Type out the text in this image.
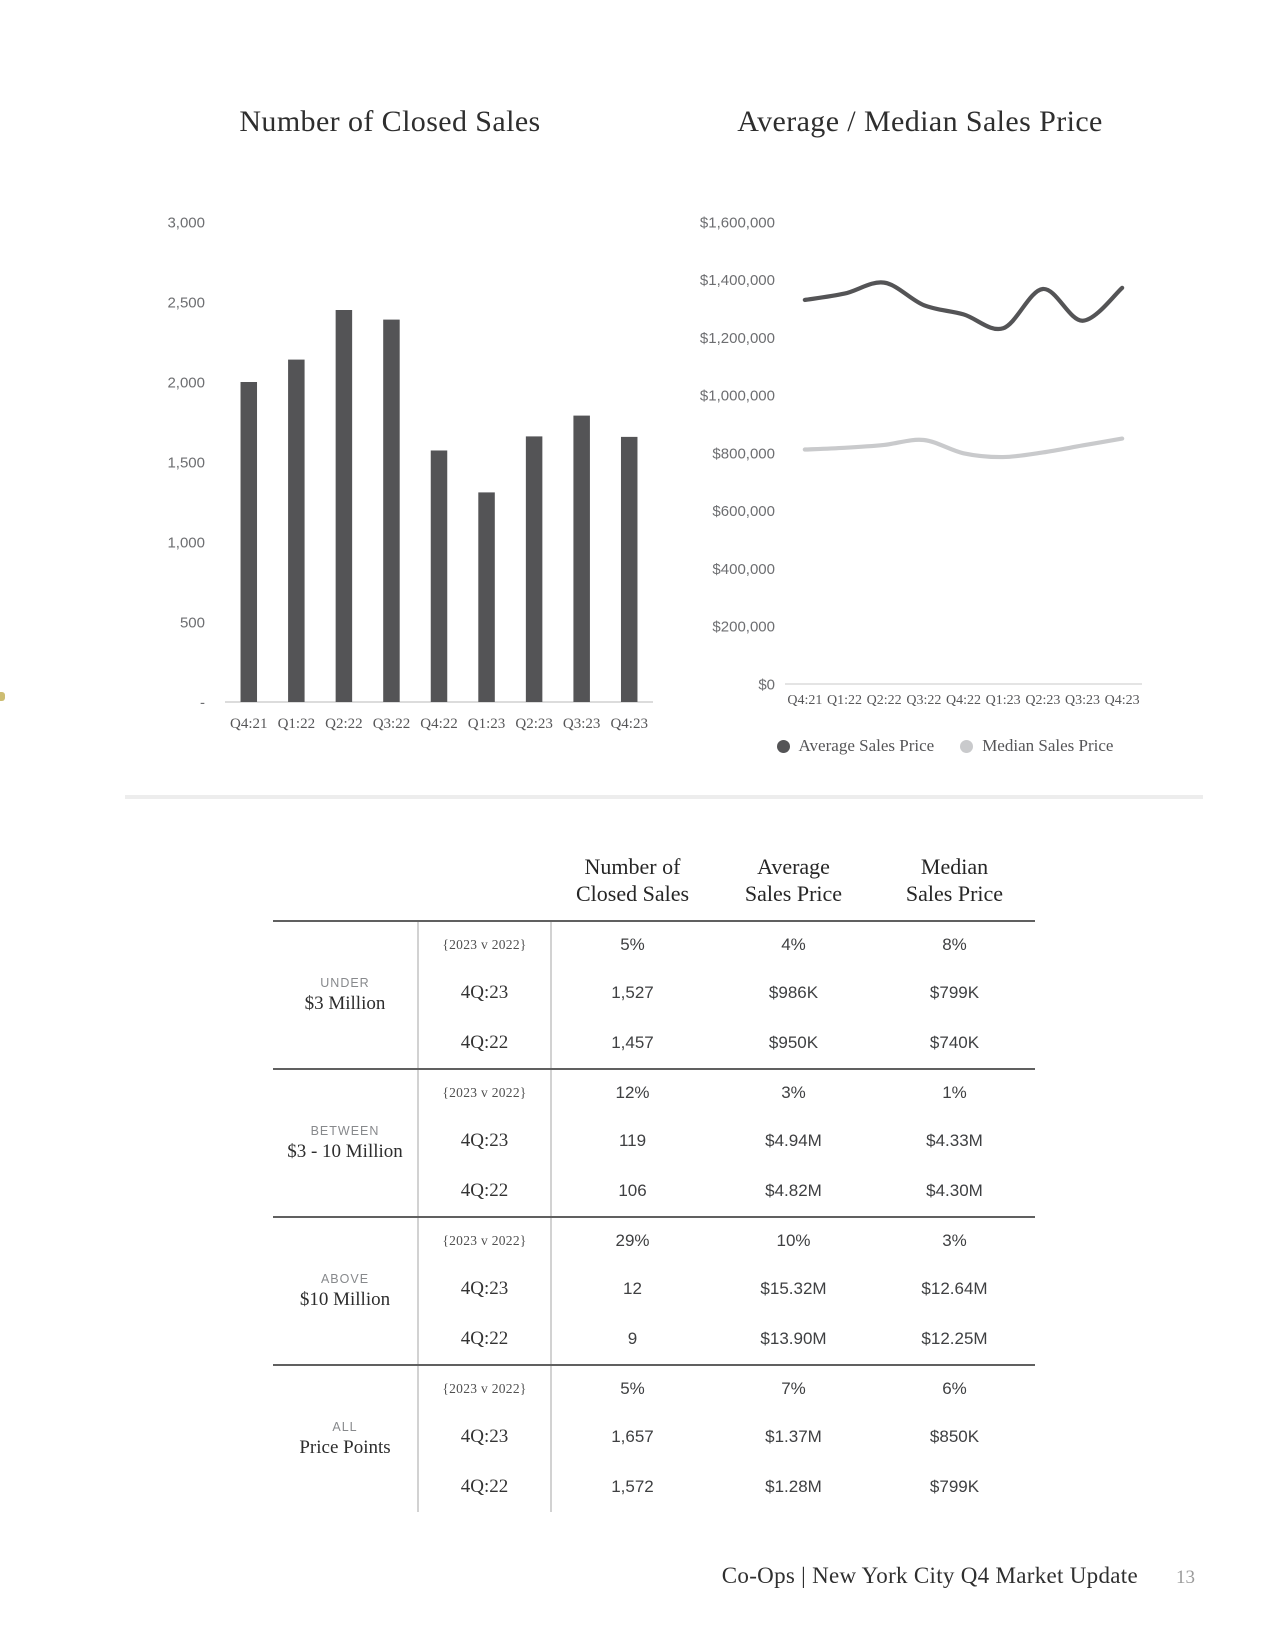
Number of Closed Sales	Average / Median Sales Price
3,000
2,500
2,000
1,500
1,000
500
-
Q4:21 Q1:22 Q2:22 Q3:22 Q4:22 Q1:23 Q2:23 Q3:23 Q4:23
$1,600,000
$1,400,000
$1,200,000
$1,000,000
$800,000
$600,000
$400,000
$200,000
$0
Q4:21 Q1:22 Q2:22 Q3:22 Q4:22 Q1:23 Q2:23 Q3:23 Q4:23
Average Sales Price	Median Sales Price
Number of
Closed Sales
Average
Sales Price
Median
Sales Price
UNDER
$3 Million
{2023 v 2022}	5%	4%	8%
4Q:23	1,527	$986K	$799K
4Q:22	1,457	$950K	$740K
BETWEEN
$3 - 10 Million
{2023 v 2022}	12%	3%	1%
4Q:23	119	$4.94M	$4.33M
4Q:22	106	$4.82M	$4.30M
ABOVE
$10 Million
{2023 v 2022}	29%	10%	3%
4Q:23	12	$15.32M	$12.64M
4Q:22	9	$13.90M	$12.25M
ALL
Price Points
{2023 v 2022}	5%	7%	6%
4Q:23	1,657	$1.37M	$850K
4Q:22	1,572	$1.28M	$799K
Co-Ops | New York City Q4 Market Update 13
